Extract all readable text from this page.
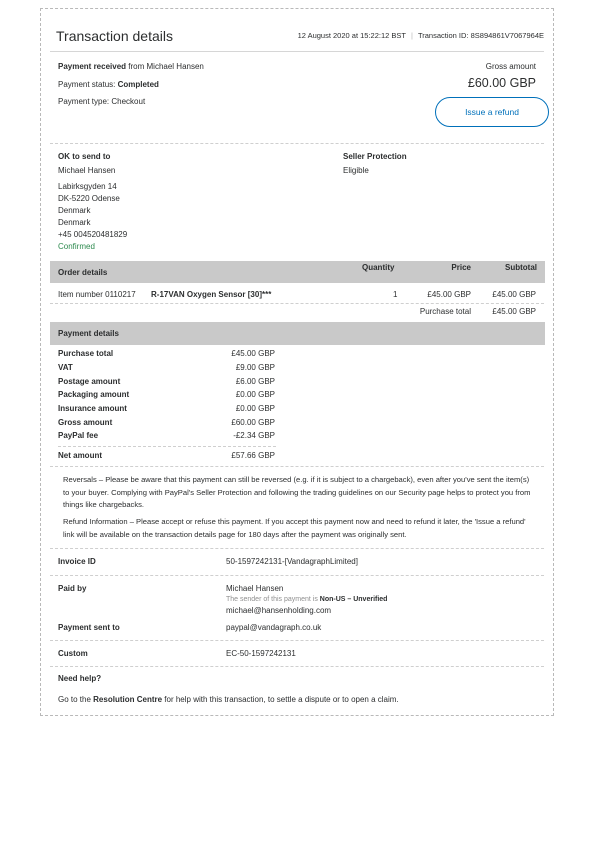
Transaction details	12 August 2020 at 15:22:12 BST | Transaction ID: 8S894861V7067964E
Payment received from Michael Hansen
Payment status: Completed
Payment type: Checkout
Gross amount
£60.00 GBP
Issue a refund
OK to send to
Michael Hansen
Labirksgyden 14
DK-5220 Odense
Denmark
Denmark
+45 004520481829
Confirmed
Seller Protection
Eligible
Order details
Quantity	Price	Subtotal
Item number 0110217 R-17VAN Oxygen Sensor [30]***	1	£45.00 GBP	£45.00 GBP
Purchase total	£45.00 GBP
Payment details
Purchase total	£45.00 GBP
VAT	£9.00 GBP
Postage amount	£6.00 GBP
Packaging amount	£0.00 GBP
Insurance amount	£0.00 GBP
Gross amount	£60.00 GBP
PayPal fee	-£2.34 GBP
Net amount	£57.66 GBP
Reversals – Please be aware that this payment can still be reversed (e.g. if it is subject to a chargeback), even after you've sent the item(s) to your buyer. Complying with PayPal's Seller Protection and following the trading guidelines on our Security page helps to protect you from things like chargebacks.
Refund Information – Please accept or refuse this payment. If you accept this payment now and need to refund it later, the 'Issue a refund' link will be available on the transaction details page for 180 days after the payment was originally sent.
Invoice ID	50-1597242131-[VandagraphLimited]
Paid by	Michael Hansen
The sender of this payment is Non-US – Unverified
michael@hansenholding.com
Payment sent to	paypal@vandagraph.co.uk
Custom	EC-50-1597242131
Need help?
Go to the Resolution Centre for help with this transaction, to settle a dispute or to open a claim.
